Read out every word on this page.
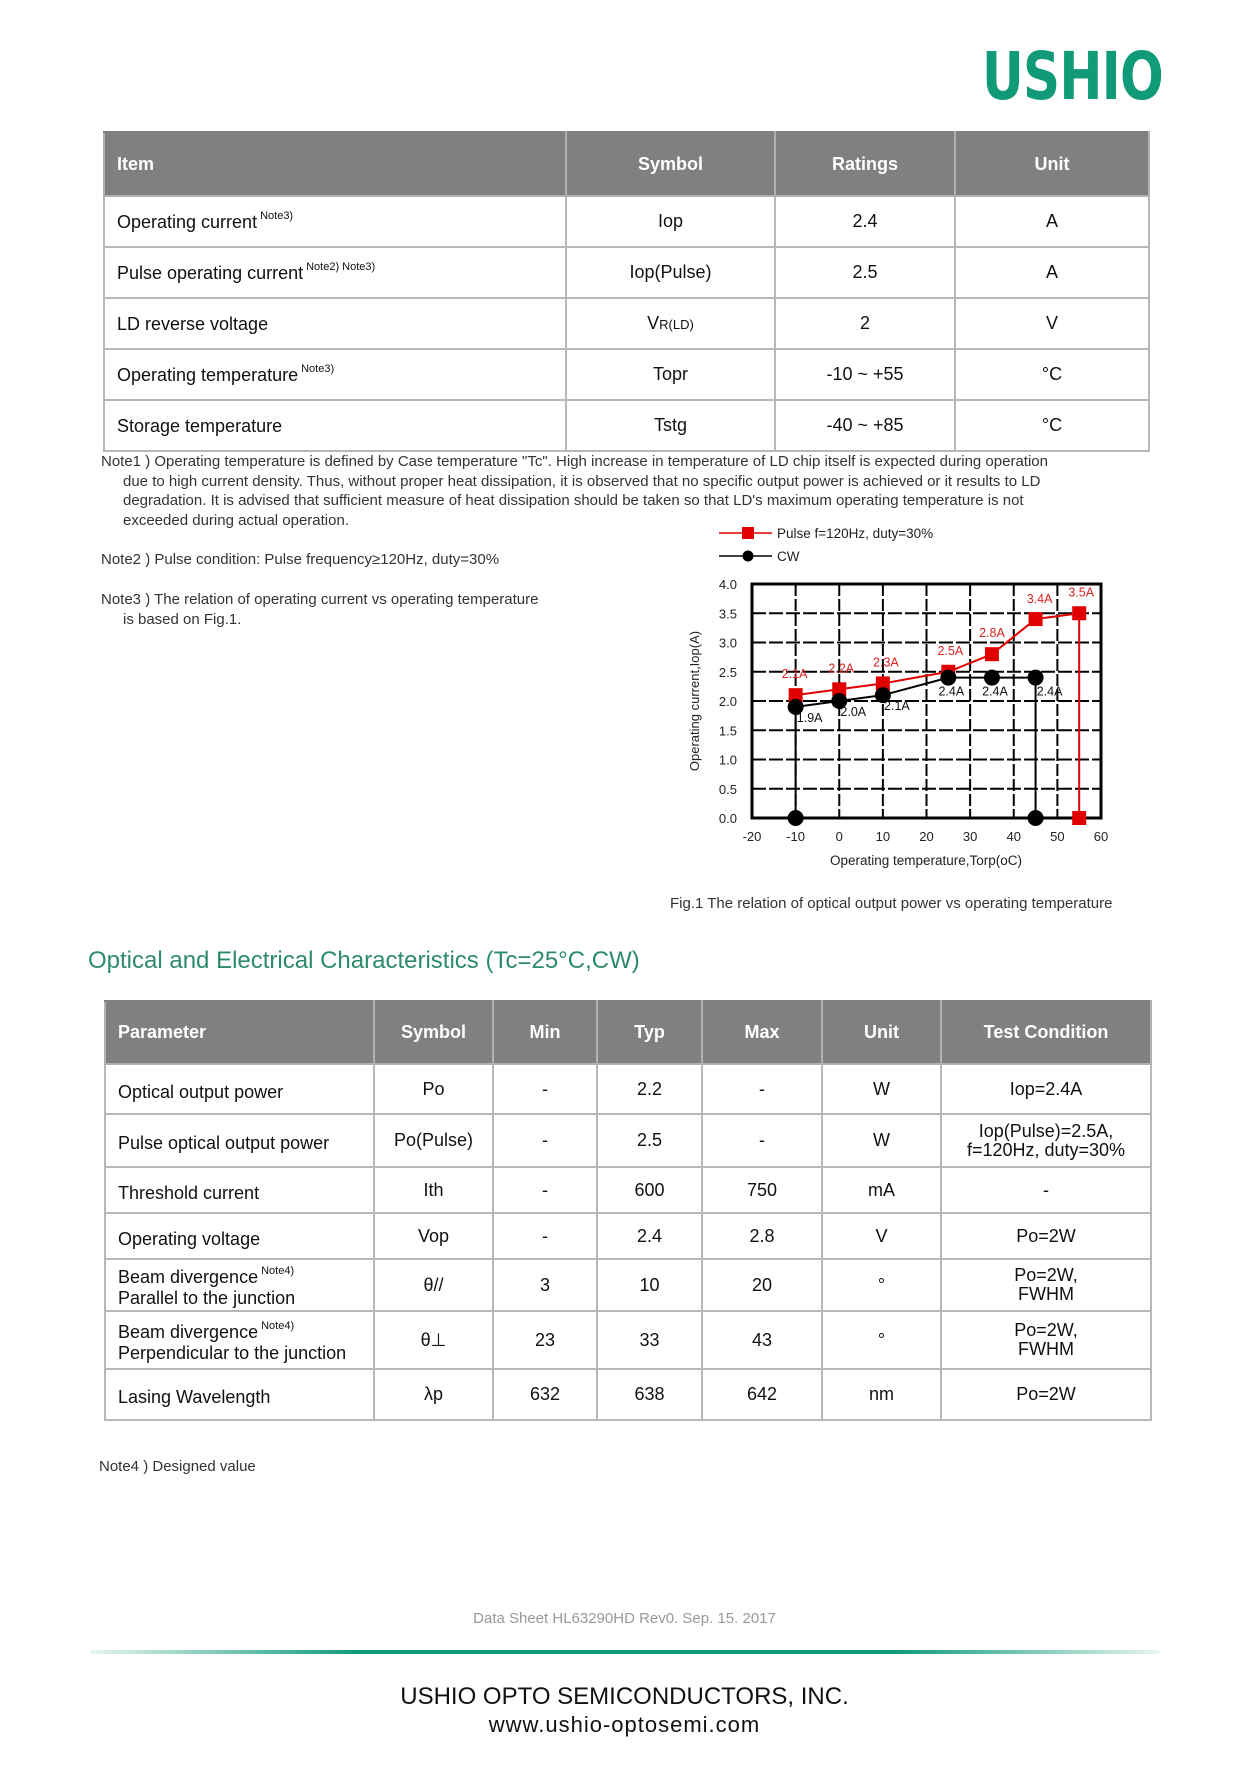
USHIO
Item	Symbol	Ratings	Unit
Operating current $^{Note3)}$	Iop	2.4	A
Pulse operating current $^{Note2) Note3)}$	Iop(Pulse)	2.5	A
LD reverse voltage	VR(LD)	2	V
Operating temperature $^{Note3)}$	Topr	-10 ~ +55	°C
Storage temperature	Tstg	-40 ~ +85	°C
Note1 ) Operating temperature is defined by Case temperature "Tc". High increase in temperature of LD chip itself is expected during operation
due to high current density. Thus, without proper heat dissipation, it is observed that no specific output power is achieved or it results to LD
degradation. It is advised that sufficient measure of heat dissipation should be taken so that LD's maximum operating temperature is not
exceeded during actual operation.
Note2 ) Pulse condition: Pulse frequency≥120Hz, duty=30%
Note3 ) The relation of operating current vs operating temperature
is based on Fig.1.
-20 -10 0	10 20 30 40 50 60
0.0
0.5
1.0
1.5
2.0
2.5
3.0
3.5
4.0
2.1A 2.2A 2.3A
2.5A
2.8A
3.4A 3.5A
1.9A 2.0A 2.1A
2.4A 2.4A 2.4A
Pulse f=120Hz, duty=30%
CW
Operating current,Iop(A)
Operating temperature,Torp(oC)
Fig.1 The relation of optical output power vs operating temperature
Optical and Electrical Characteristics (Tc=25°C,CW)
Parameter	Symbol	Min	Typ	Max	Unit	Test Condition

Optical output power	Po	-	2.2	-	W	Iop=2.4A

Pulse optical output power	Po(Pulse)	-	2.5	-	W	Iop(Pulse)=2.5A,
f=120Hz, duty=30%

Threshold current	Ith	-	600	750	mA	-

Operating voltage	Vop	-	2.4	2.8	V	Po=2W

Beam divergence $^{Note4)}$
Parallel to the junction
	θ//	3	10	20	°	Po=2W,
FWHM

Beam divergence $^{Note4)}$
Perpendicular to the junction
	θ⊥	23	33	43	°	Po=2W,
FWHM

Lasing Wavelength	λp	632	638	642	nm	Po=2W
Note4 ) Designed value
Data Sheet HL63290HD Rev0. Sep. 15. 2017
USHIO OPTO SEMICONDUCTORS, INC.
www.ushio-optosemi.com
